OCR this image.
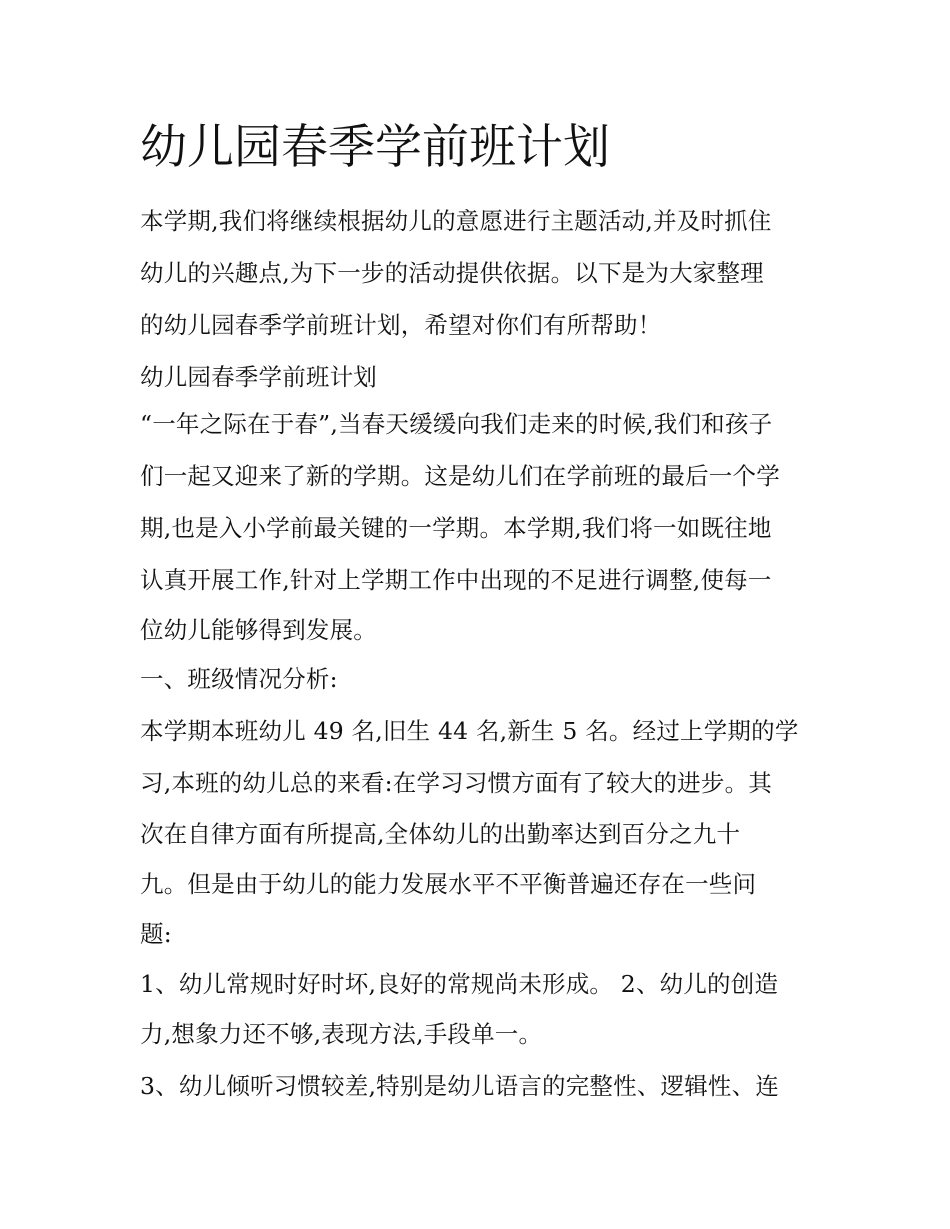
幼儿园春季学前班计划
本学期,我们将继续根据幼儿的意愿进行主题活动,并及时抓住
幼儿的兴趣点,为下一步的活动提供依据。以下是为大家整理
的幼儿园春季学前班计划，希望对你们有所帮助！
幼儿园春季学前班计划
“一年之际在于春”,当春天缓缓向我们走来的时候,我们和孩子
们一起又迎来了新的学期。这是幼儿们在学前班的最后一个学
期,也是入小学前最关键的一学期。本学期,我们将一如既往地
认真开展工作,针对上学期工作中出现的不足进行调整,使每一
位幼儿能够得到发展。
一、班级情况分析:
本学期本班幼儿 49 名,旧生 44 名,新生 5 名。经过上学期的学
习,本班的幼儿总的来看:在学习习惯方面有了较大的进步。其
次在自律方面有所提高,全体幼儿的出勤率达到百分之九十
九。但是由于幼儿的能力发展水平不平衡普遍还存在一些问
题:
1、幼儿常规时好时坏,良好的常规尚未形成。 2、幼儿的创造
力,想象力还不够,表现方法,手段单一。
3、幼儿倾听习惯较差,特别是幼儿语言的完整性、逻辑性、连
